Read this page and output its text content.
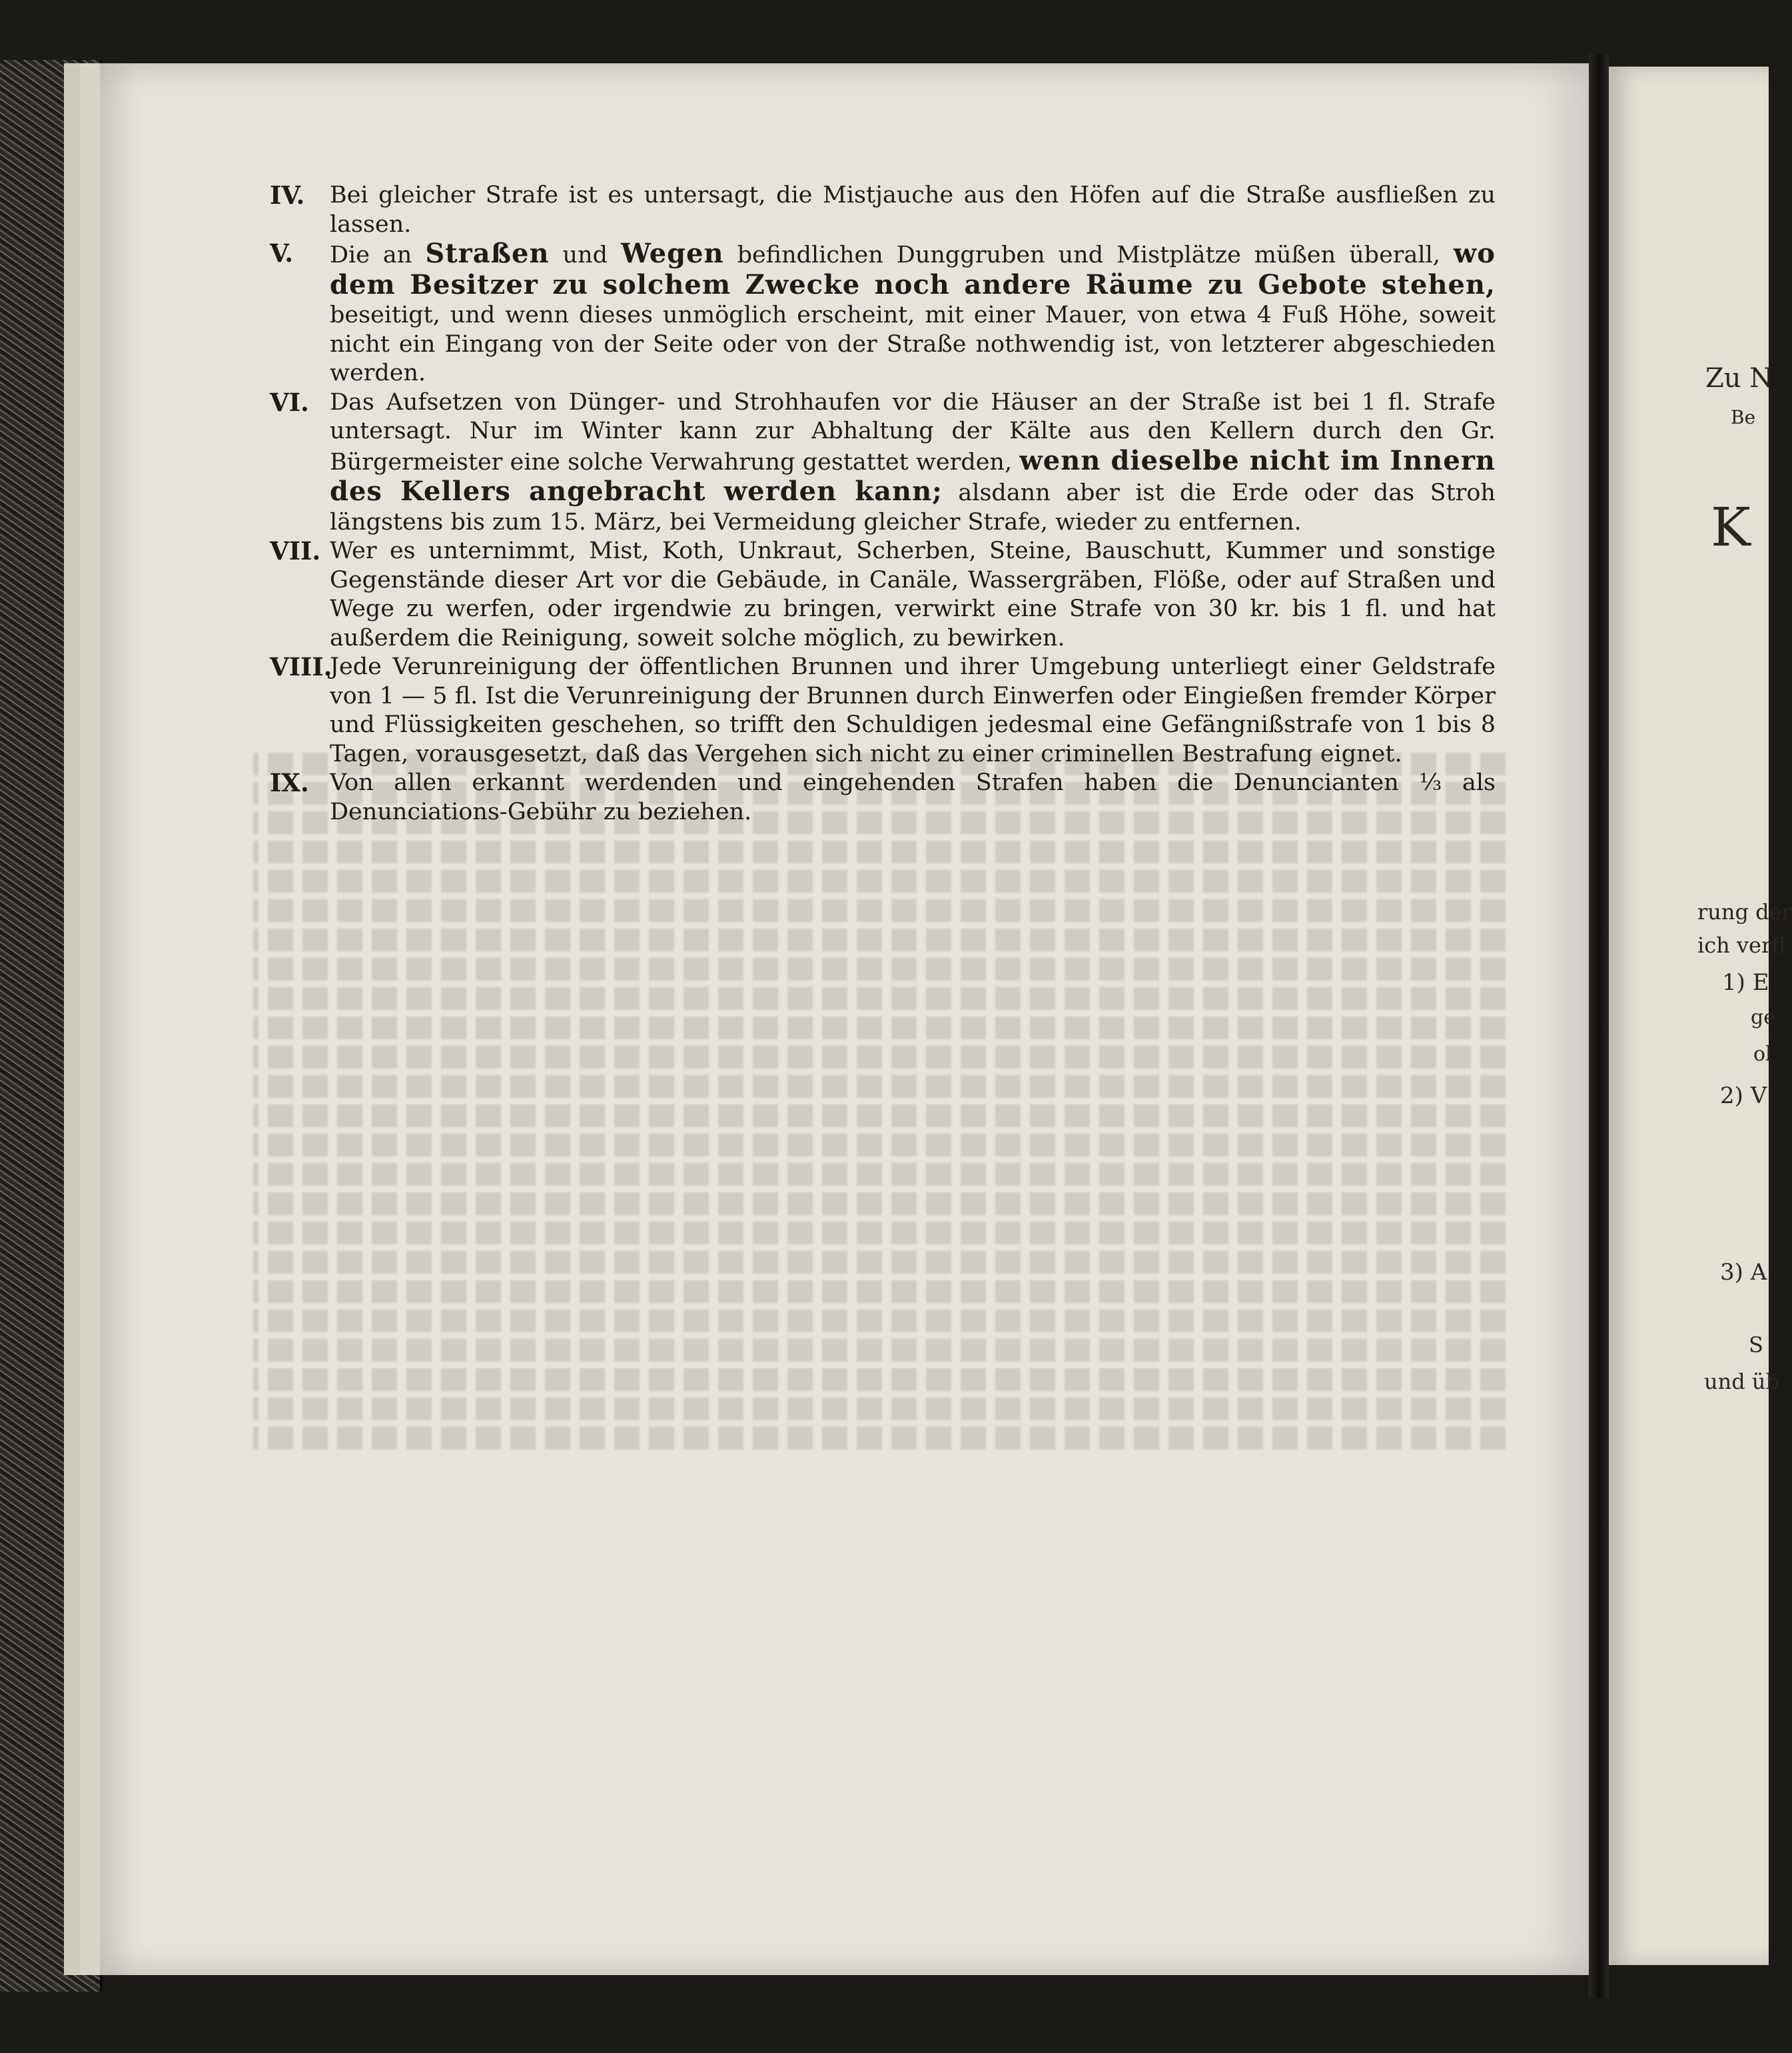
IV.	Bei gleicher Strafe ist es untersagt, die Mistjauche aus den Höfen auf die Straße ausfließen zu lassen.
V.	Die an Straßen und Wegen befindlichen Dunggruben und Mistplätze müßen überall, wo dem Besitzer zu solchem Zwecke noch andere Räume zu Gebote stehen, beseitigt, und wenn dieses unmöglich erscheint, mit einer Mauer, von etwa 4 Fuß Höhe, soweit nicht ein Eingang von der Seite oder von der Straße nothwendig ist, von letzterer abgeschieden werden.
VI. Das Aufsetzen von Dünger- und Strohhaufen vor die Häuser an der Straße ist bei 1 fl. Strafe untersagt. Nur im Winter kann zur Abhaltung der Kälte aus den Kellern durch den Gr. Bürgermeister eine solche Verwahrung gestattet werden, wenn dieselbe nicht im Innern des Kellers angebracht werden kann; alsdann aber ist die Erde oder das Stroh längstens bis zum 15. März, bei Vermeidung gleicher Strafe, wieder zu entfernen.
VII. Wer es unternimmt, Mist, Koth, Unkraut, Scherben, Steine, Bauschutt, Kummer und sonstige Gegenstände dieser Art vor die Gebäude, in Canäle, Wassergräben, Flöße, oder auf Straßen und Wege zu werfen, oder irgendwie zu bringen, verwirkt eine Strafe von 30 kr. bis 1 fl. und hat außerdem die Reinigung, soweit solche möglich, zu bewirken.
VIII.
Jede Verunreinigung der öffentlichen Brunnen und ihrer Umgebung unterliegt einer Geldstrafe von 1 — 5 fl. Ist die Verunreinigung der Brunnen durch Einwerfen oder Eingießen fremder Körper und Flüssigkeiten geschehen, so trifft den Schuldigen jedesmal eine Gefängnißstrafe von 1 bis 8 Tagen, vorausgesetzt, daß das Vergehen sich nicht zu einer criminellen Bestrafung eignet.
IX. Von allen erkannt werdenden und eingehenden Strafen haben die Denuncianten ⅓ als Denunciations-Gebühr zu beziehen.
Zu N
Be
K
rung der
ich verfl
1) E
ge
ol
2) V
3) A
S
und üb
